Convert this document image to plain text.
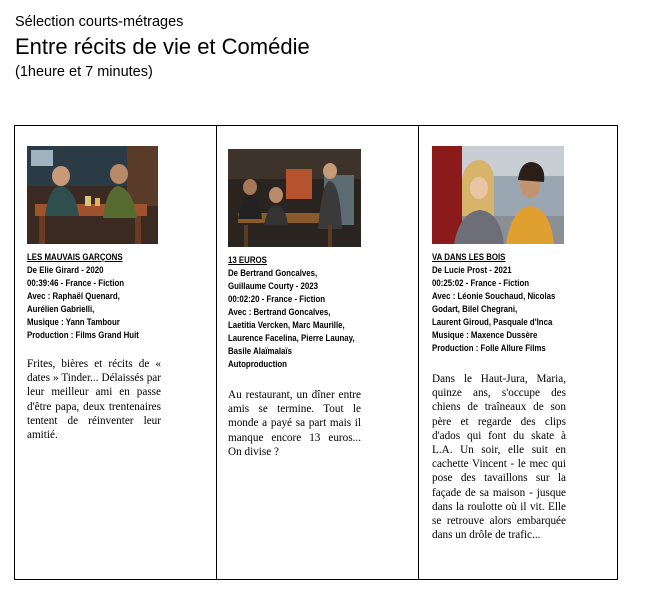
Sélection courts-métrages
Entre récits de vie et Comédie
(1heure et 7 minutes)
LES MAUVAIS GARÇONS
De Elie Girard - 2020
00:39:46 - France - Fiction
Avec : Raphaël Quenard,
Aurélien Gabrielli,
Musique : Yann Tambour
Production : Films Grand Huit
Frites, bières et récits de « dates » Tinder... Délaissés par leur meilleur ami en passe d'être papa, deux trentenaires tentent de réinventer leur amitié.
13 EUROS
De Bertrand Goncalves,
Guillaume Courty - 2023
00:02:20 - France - Fiction
Avec : Bertrand Goncalves,
Laetitia Vercken, Marc Maurille,
Laurence Facelina, Pierre Launay,
Basile Alaïmalaïs
Autoproduction
Au restaurant, un dîner entre amis se termine. Tout le monde a payé sa part mais il manque encore 13 euros... On divise ?
VA DANS LES BOIS
De Lucie Prost - 2021
00:25:02 - France - Fiction
Avec : Léonie Souchaud, Nicolas
Godart, Bilel Chegrani,
Laurent Giroud, Pasquale d'Inca
Musique : Maxence Dussère
Production : Folle Allure Films
Dans le Haut-Jura, Maria, quinze ans, s'occupe des chiens de traîneaux de son père et regarde des clips d'ados qui font du skate à L.A. Un soir, elle suit en cachette Vincent - le mec qui pose des tavaillons sur la façade de sa maison - jusque dans la roulotte où il vit. Elle se retrouve alors embarquée dans un drôle de trafic...
